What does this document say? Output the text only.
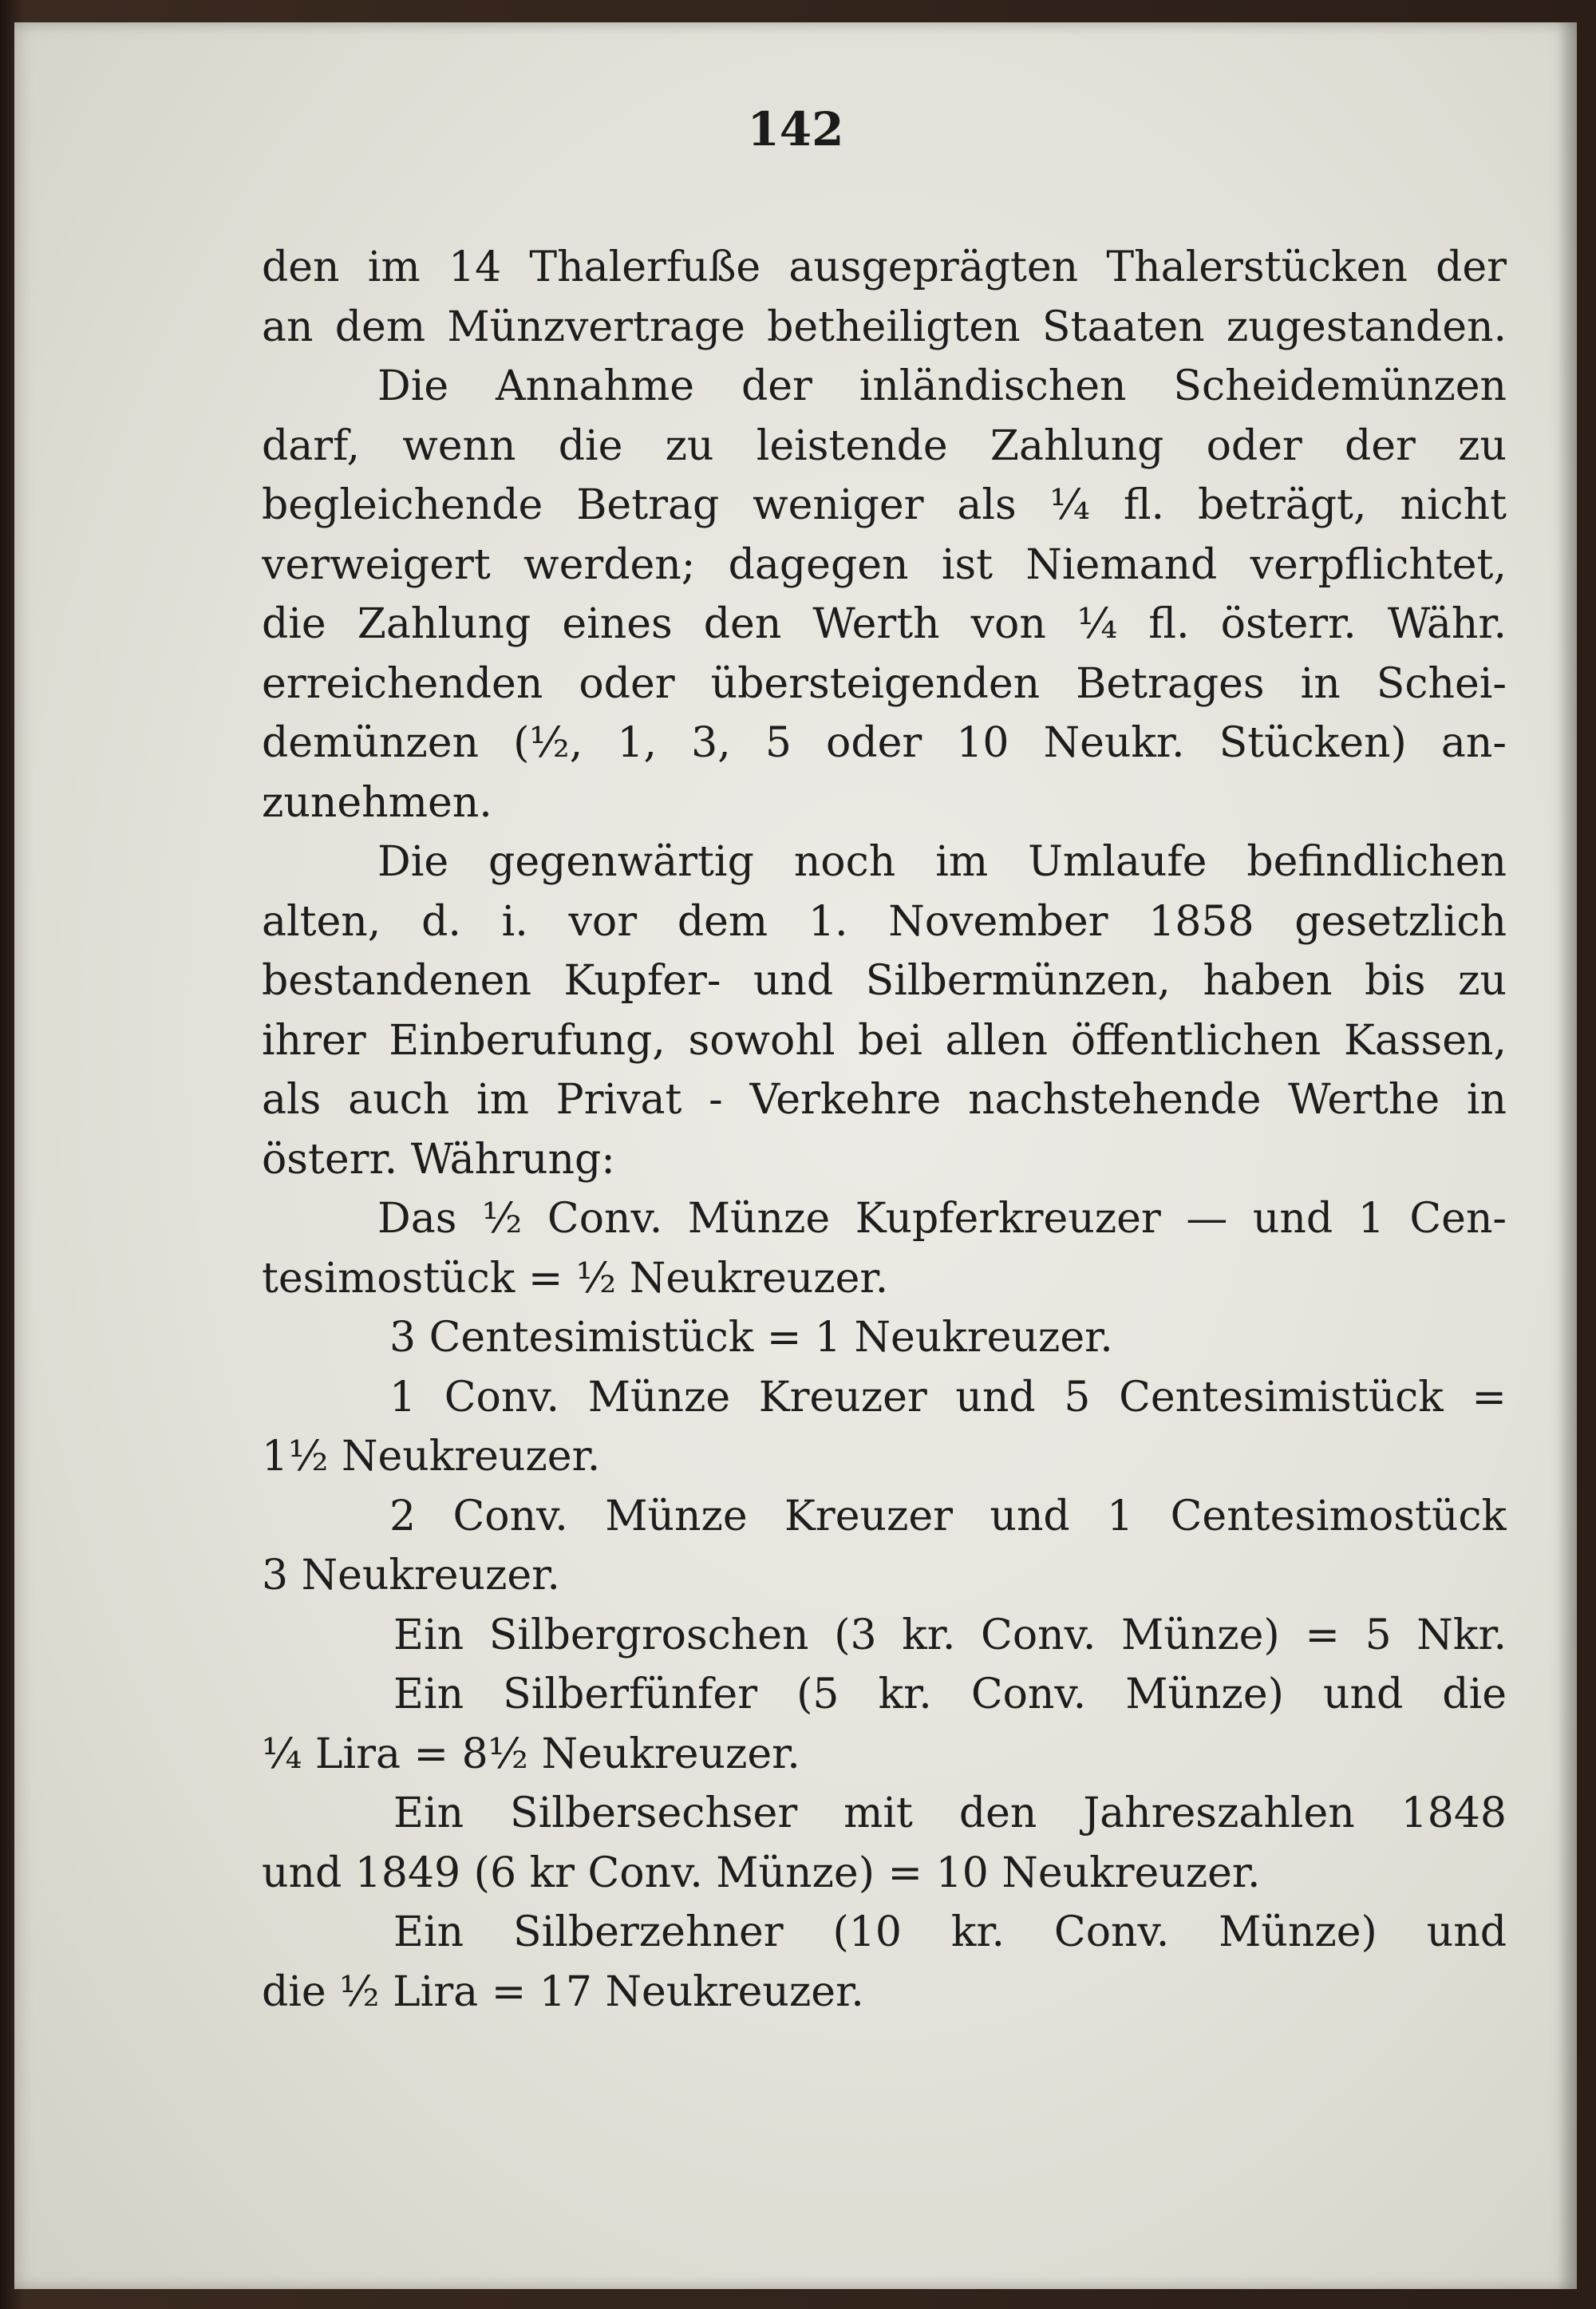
142
den im 14 Thalerfuße ausgeprägten Thalerstücken der
an dem Münzvertrage betheiligten Staaten zugestanden.
Die Annahme der inländischen Scheidemünzen
darf, wenn die zu leistende Zahlung oder der zu
begleichende Betrag weniger als ¼ fl. beträgt, nicht
verweigert werden; dagegen ist Niemand verpflichtet,
die Zahlung eines den Werth von ¼ fl. österr. Währ.
erreichenden oder übersteigenden Betrages in Schei-
demünzen (½, 1, 3, 5 oder 10 Neukr. Stücken) an-
zunehmen.
Die gegenwärtig noch im Umlaufe befindlichen
alten, d. i. vor dem 1. November 1858 gesetzlich
bestandenen Kupfer- und Silbermünzen, haben bis zu
ihrer Einberufung, sowohl bei allen öffentlichen Kassen,
als auch im Privat - Verkehre nachstehende Werthe in
österr. Währung:
Das ½ Conv. Münze Kupferkreuzer — und 1 Cen-
tesimostück = ½ Neukreuzer.
3 Centesimistück = 1 Neukreuzer.
1 Conv. Münze Kreuzer und 5 Centesimistück =
1½ Neukreuzer.
2 Conv. Münze Kreuzer und 1 Centesimostück
3 Neukreuzer.
Ein Silbergroschen (3 kr. Conv. Münze) = 5 Nkr.
Ein Silberfünfer (5 kr. Conv. Münze) und die
¼ Lira = 8½ Neukreuzer.
Ein Silbersechser mit den Jahreszahlen 1848
und 1849 (6 kr Conv. Münze) = 10 Neukreuzer.
Ein Silberzehner (10 kr. Conv. Münze) und
die ½ Lira = 17 Neukreuzer.
